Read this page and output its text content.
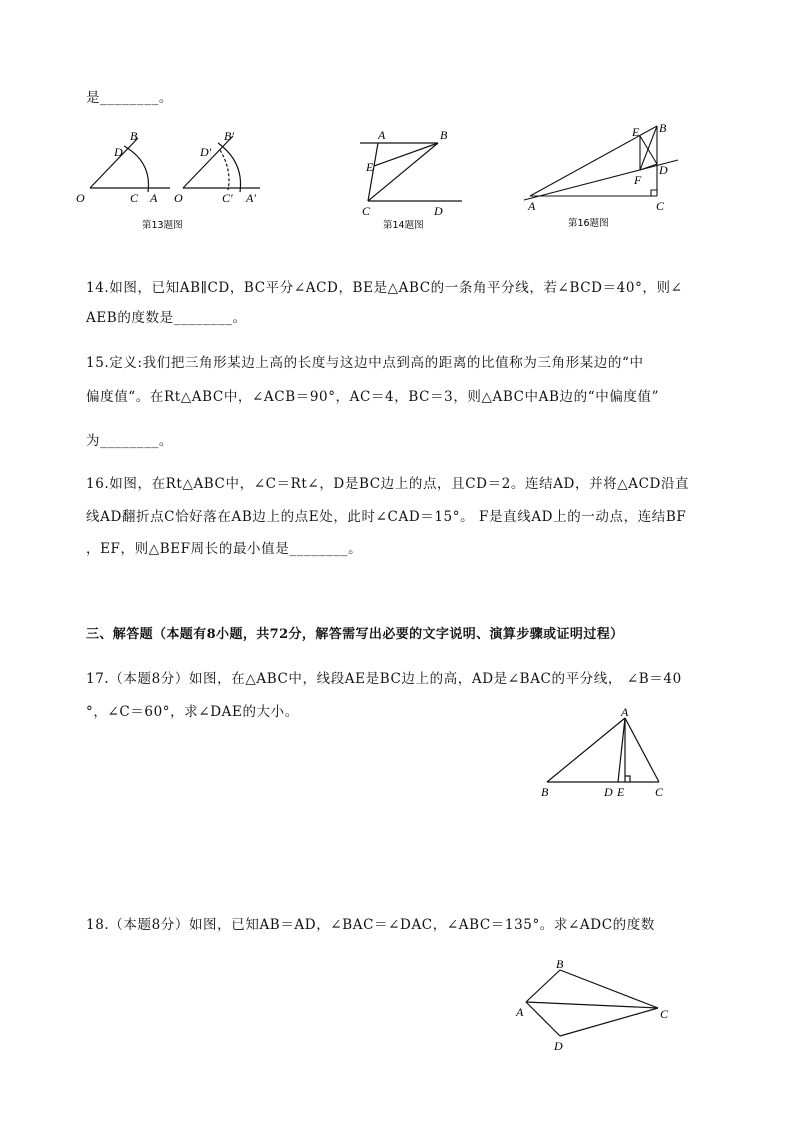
是________。
O	C A
D
B
O	C′ A′
D′
B′
第13题图
A	B
E
C	D
第14题图
A	C
B
E
D
F
第16题图
14.如图，已知AB∥CD，BC平分∠ACD，BE是△ABC的一条角平分线，若∠BCD＝40°，则∠
AEB的度数是________。
15.定义:我们把三角形某边上高的长度与这边中点到高的距离的比值称为三角形某边的“中
偏度值“。在Rt△ABC中，∠ACB＝90°，AC＝4，BC＝3，则△ABC中AB边的“中偏度值”
为________。
16.如图，在Rt△ABC中，∠C＝Rt∠，D是BC边上的点，且CD＝2。连结AD，并将△ACD沿直
线AD翻折点C恰好落在AB边上的点E处，此时∠CAD＝15°。 F是直线AD上的一动点，连结BF
，EF，则△BEF周长的最小值是________。
三、解答题（本题有8小题，共72分，解答需写出必要的文字说明、演算步骤或证明过程）
17.（本题8分）如图，在△ABC中，线段AE是BC边上的高，AD是∠BAC的平分线， ∠B＝40
°，∠C＝60°，求∠DAE的大小。	A
B	D E	C
18.（本题8分）如图，已知AB＝AD，∠BAC＝∠DAC，∠ABC＝135°。求∠ADC的度数
B
A	C
D
